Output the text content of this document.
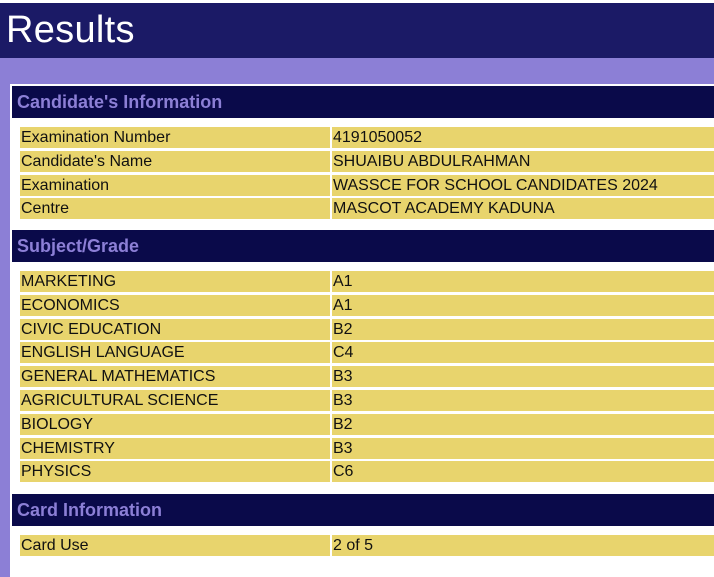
Results
Candidate's Information
Examination Number	4191050052
Candidate's Name	SHUAIBU ABDULRAHMAN
Examination	WASSCE FOR SCHOOL CANDIDATES 2024
Centre	MASCOT ACADEMY KADUNA
Subject/Grade
MARKETING	A1
ECONOMICS	A1
CIVIC EDUCATION	B2
ENGLISH LANGUAGE	C4
GENERAL MATHEMATICS	B3
AGRICULTURAL SCIENCE	B3
BIOLOGY	B2
CHEMISTRY	B3
PHYSICS	C6
Card Information
Card Use	2 of 5
